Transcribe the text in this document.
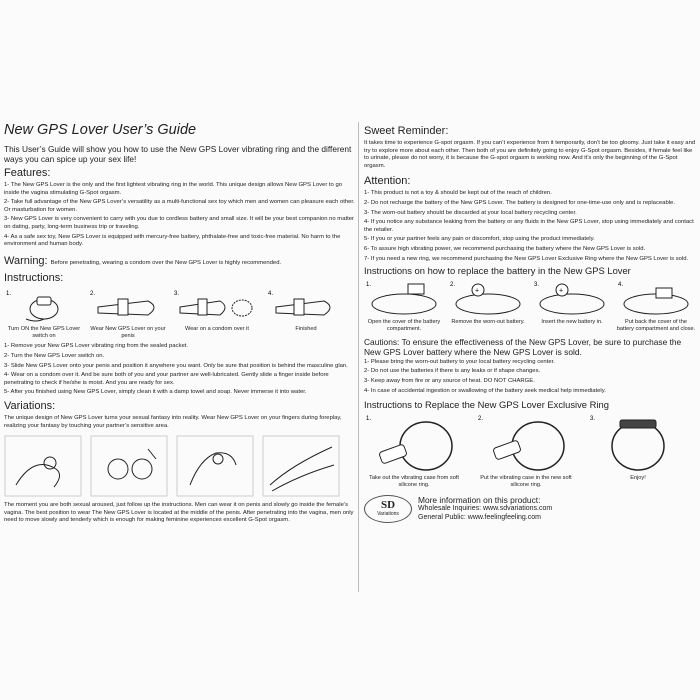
New GPS Lover User’s Guide
This User’s Guide will show you how to use the New GPS Lover vibrating ring and the different ways you can spice up your sex life!
Features:
1- The New GPS Lover is the only and the first lightest vibrating ring in the world. This unique design allows New GPS Lover to go inside the vagina stimulating G-Spot orgasm.
2- Take full advantage of the New GPS Lover’s versatility as a multi-functional sex toy which men and women can pleasure each other. Or masturbation for women.
3- New GPS Lover is very convenient to carry with you due to cordless battery and small size. It will be your best companion no matter on dating, party, long-term business trip or traveling.
4- As a safe sex toy, New GPS Lover is equipped with mercury-free battery, phthalate-free and toxic-free material. No harm to the environment and human body.
Warning: Before penetrating, wearing a condom over the New GPS Lover is highly recommended.
Instructions:
1.
Turn ON the New GPS Lover switch on
2.
Wear New GPS Lover on your penis
3.
Wear on a condom over it
4.
Finished
1- Remove your New GPS Lover vibrating ring from the sealed packet.
2- Turn the New GPS Lover switch on.
3- Slide New GPS Lover onto your penis and position it anywhere you want. Only be sure that position is behind the masculine glan.
4- Wear on a condom over it. And be sure both of you and your partner are well-lubricated. Gently slide a finger inside before penetrating to check if he/she is moist. And you are ready for sex.
5- After you finished using New GPS Lover, simply clean it with a damp towel and soap. Never immerse it into water.
Variations:
The unique design of New GPS Lover turns your sexual fantasy into reality. Wear New GPS Lover on your fingers during foreplay, realizing your fantasy by touching your partner’s sensitive area.
The moment you are both sexual aroused, just follow up the instructions. Men can wear it on penis and slowly go inside the female’s vagina. The best position to wear The New GPS Lover is located at the middle of the penis. After penetrating into the vagina, men only need to move slowly and tenderly which is enough for making feminine experiences excellent G-Spot orgasm.
Sweet Reminder:
It takes time to experience G-spot orgasm. If you can’t experience from it temporarily, don’t be too gloomy. Just take it easy and try to explore more about each other. Then both of you are definitely going to enjoy G-Spot orgasm. Besides, if female feel like to urinate, please do not worry, it is because the G-spot orgasm is working now. And it’s only the beginning of the G-Spot orgasm.
Attention:
1- This product is not a toy & should be kept out of the reach of children.
2- Do not recharge the battery of the New GPS Lover. The battery is designed for one-time-use only and is replaceable.
3- The worn-out battery should be discarded at your local battery recycling center.
4- If you notice any substance leaking from the battery or any fluids in the New GPS Lover, stop using immediately and contact the retailer.
5- If you or your partner feels any pain or discomfort, stop using the product immediately.
6- To assure high vibrating power, we recommend purchasing the battery where the New GPS Lover is sold.
7- If you need a new ring, we recommend purchasing the New GPS Lover Exclusive Ring where the New GPS Lover is sold.
Instructions on how to replace the battery in the New GPS Lover
1.
Open the cover of the battery compartment.
2.
+
Remove the worn-out battery.
3.
+
Insert the new battery in.
4.
Put back the cover of the battery compartment and close.
Cautions: To ensure the effectiveness of the New GPS Lover, be sure to purchase the New GPS Lover battery where the New GPS Lover is sold.
1- Please bring the worn-out battery to your local battery recycling center.
2- Do not use the batteries if there is any leaks or if shape changes.
3- Keep away from fire or any source of heat. DO NOT CHARGE.
4- In case of accidental ingestion or swallowing of the battery seek medical help immediately.
Instructions to Replace the New GPS Lover Exclusive Ring
1.
Take out the vibrating case from soft silicone ring.
2.
Put the vibrating case in the new soft silicone ring.
3.
Enjoy!
SD
Variations
More information on this product:
Wholesale Inquiries: www.sdvariations.com
General Public: www.feelingfeeling.com
